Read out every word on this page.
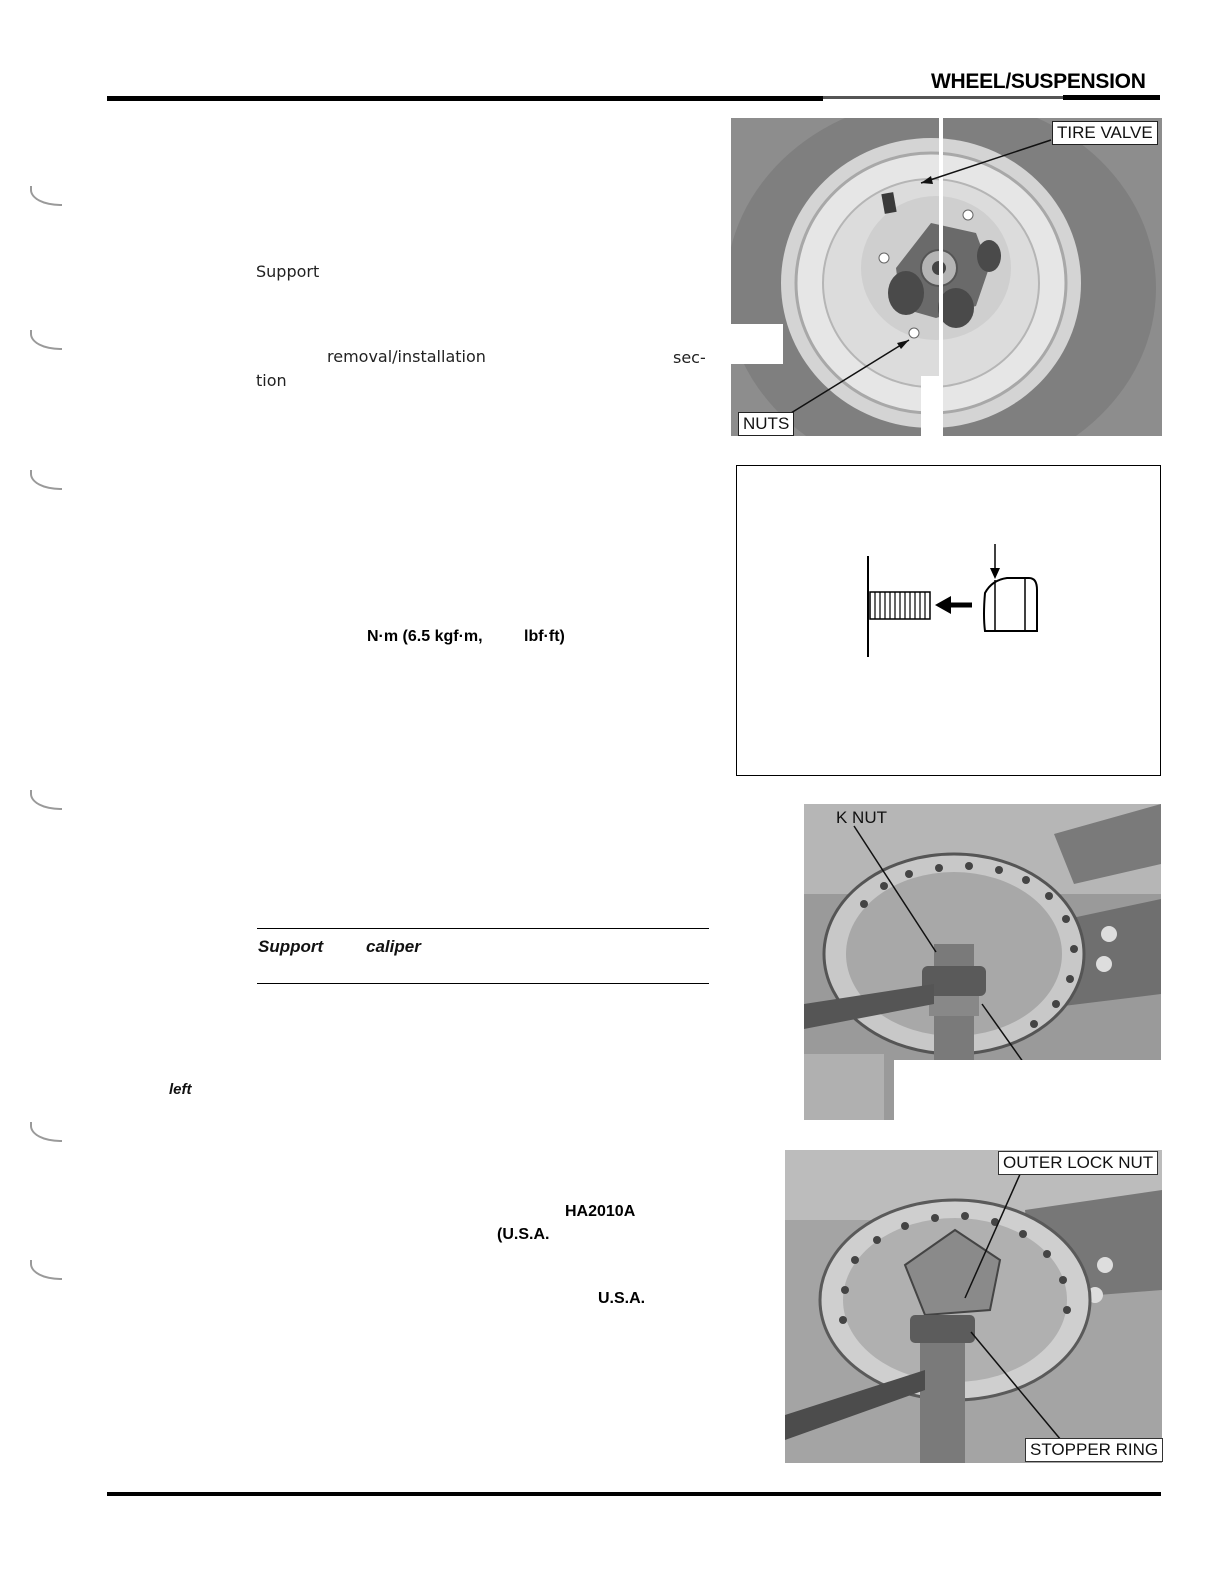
WHEEL/SUSPENSION
Support
removal/installation	sec-
tion
N·m (6.5 kgf·m,	lbf·ft)
Support	caliper
left
HA2010A
(U.S.A.
U.S.A.
TIRE VALVE
NUTS
K NUT
OUTER LOCK NUT
STOPPER RING
